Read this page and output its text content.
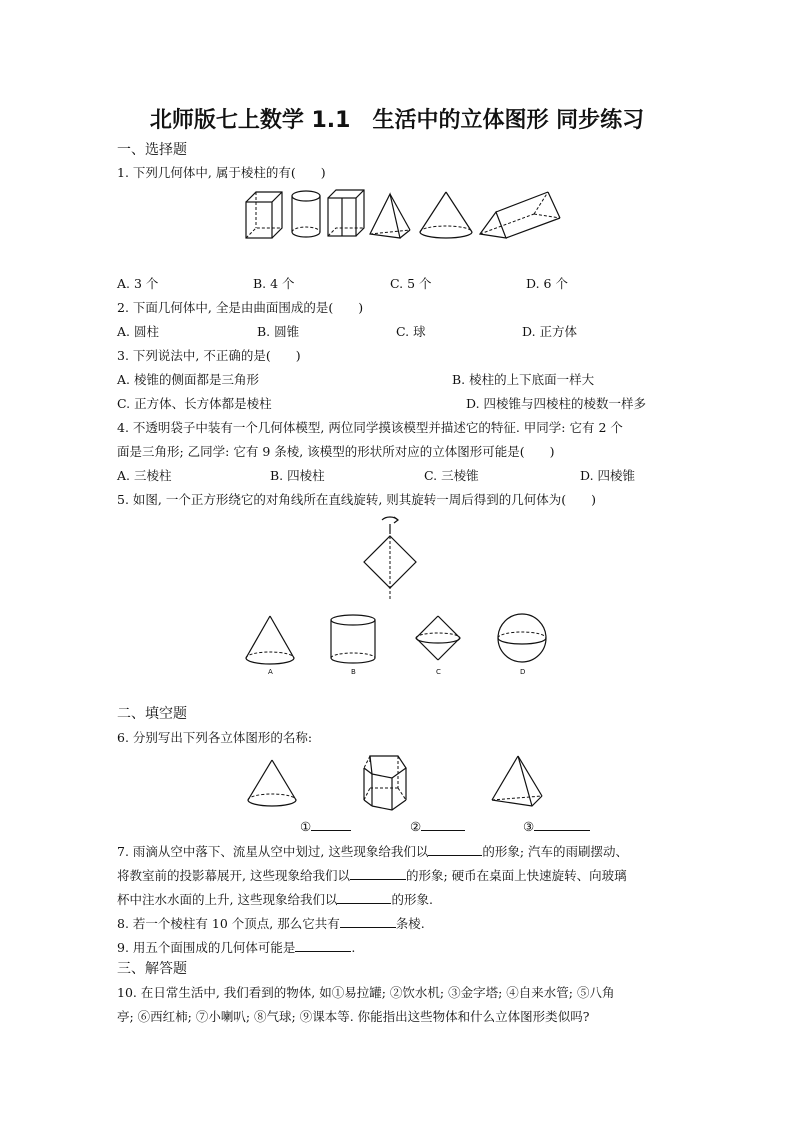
北师版七上数学 1.1　生活中的立体图形 同步练习
一、选择题
1. 下列几何体中, 属于棱柱的有(　　)
A. 3 个	B. 4 个	C. 5 个	D. 6 个
2. 下面几何体中, 全是由曲面围成的是(　　)
A. 圆柱	B. 圆锥	C. 球	D. 正方体
3. 下列说法中, 不正确的是(　　)
A. 棱锥的侧面都是三角形	B. 棱柱的上下底面一样大
C. 正方体、长方体都是棱柱	D. 四棱锥与四棱柱的棱数一样多
4. 不透明袋子中装有一个几何体模型, 两位同学摸该模型并描述它的特征. 甲同学: 它有 2 个
面是三角形; 乙同学: 它有 9 条棱, 该模型的形状所对应的立体图形可能是(　　)
A. 三棱柱	B. 四棱柱	C. 三棱锥	D. 四棱锥
5. 如图, 一个正方形绕它的对角线所在直线旋转, 则其旋转一周后得到的几何体为(　　)
A	B	C	D
二、填空题
6. 分别写出下列各立体图形的名称:
①	②	③
7. 雨滴从空中落下、流星从空中划过, 这些现象给我们以	的形象; 汽车的雨刷摆动、
将教室前的投影幕展开, 这些现象给我们以	的形象; 硬币在桌面上快速旋转、向玻璃
杯中注水水面的上升, 这些现象给我们以	的形象.
8. 若一个棱柱有 10 个顶点, 那么它共有	条棱.
9. 用五个面围成的几何体可能是	.
三、解答题
10. 在日常生活中, 我们看到的物体, 如①易拉罐; ②饮水机; ③金字塔; ④自来水管; ⑤八角
亭; ⑥西红柿; ⑦小喇叭; ⑧气球; ⑨课本等. 你能指出这些物体和什么立体图形类似吗?
